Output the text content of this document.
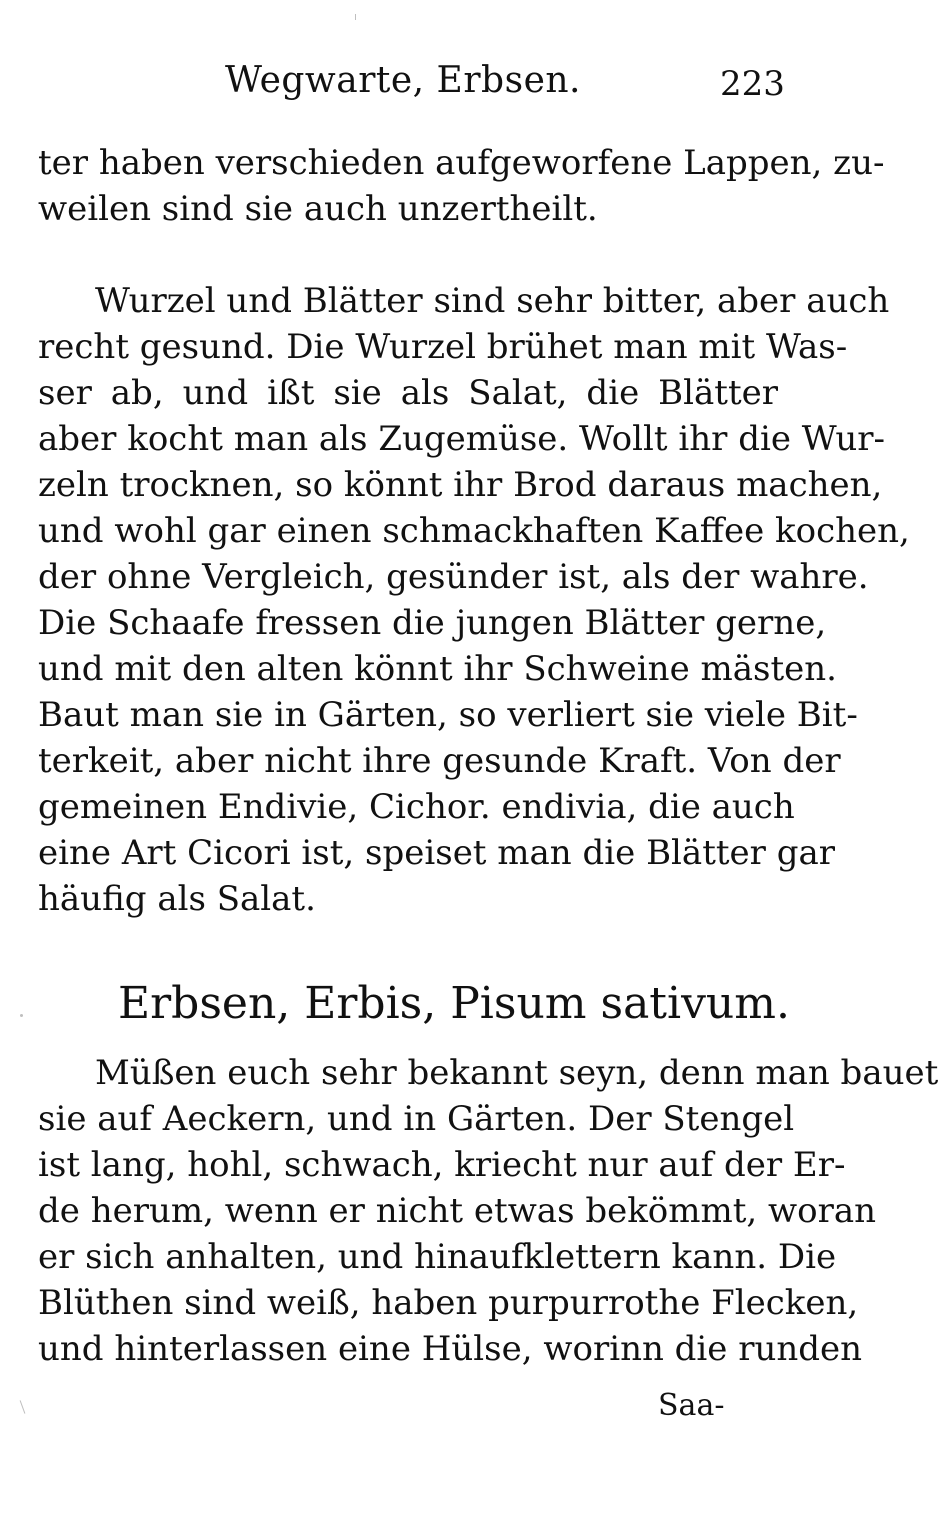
Wegwarte, Erbsen.	223
ter haben verschieden aufgeworfene Lappen, zu-
weilen sind sie auch unzertheilt.
Wurzel und Blätter sind sehr bitter, aber auch
recht gesund. Die Wurzel brühet man mit Was-
ser ab, und ißt sie als Salat, die Blätter
aber kocht man als Zugemüse. Wollt ihr die Wur-
zeln trocknen, so könnt ihr Brod daraus machen,
und wohl gar einen schmackhaften Kaffee kochen,
der ohne Vergleich, gesünder ist, als der wahre.
Die Schaafe fressen die jungen Blätter gerne,
und mit den alten könnt ihr Schweine mästen.
Baut man sie in Gärten, so verliert sie viele Bit-
terkeit, aber nicht ihre gesunde Kraft. Von der
gemeinen Endivie, Cichor. endivia, die auch
eine Art Cicori ist, speiset man die Blätter gar
häufig als Salat.
Erbsen, Erbis, Pisum sativum.
Müßen euch sehr bekannt seyn, denn man bauet
sie auf Aeckern, und in Gärten. Der Stengel
ist lang, hohl, schwach, kriecht nur auf der Er-
de herum, wenn er nicht etwas bekömmt, woran
er sich anhalten, und hinaufklettern kann. Die
Blüthen sind weiß, haben purpurrothe Flecken,
und hinterlassen eine Hülse, worinn die runden
Saa-
